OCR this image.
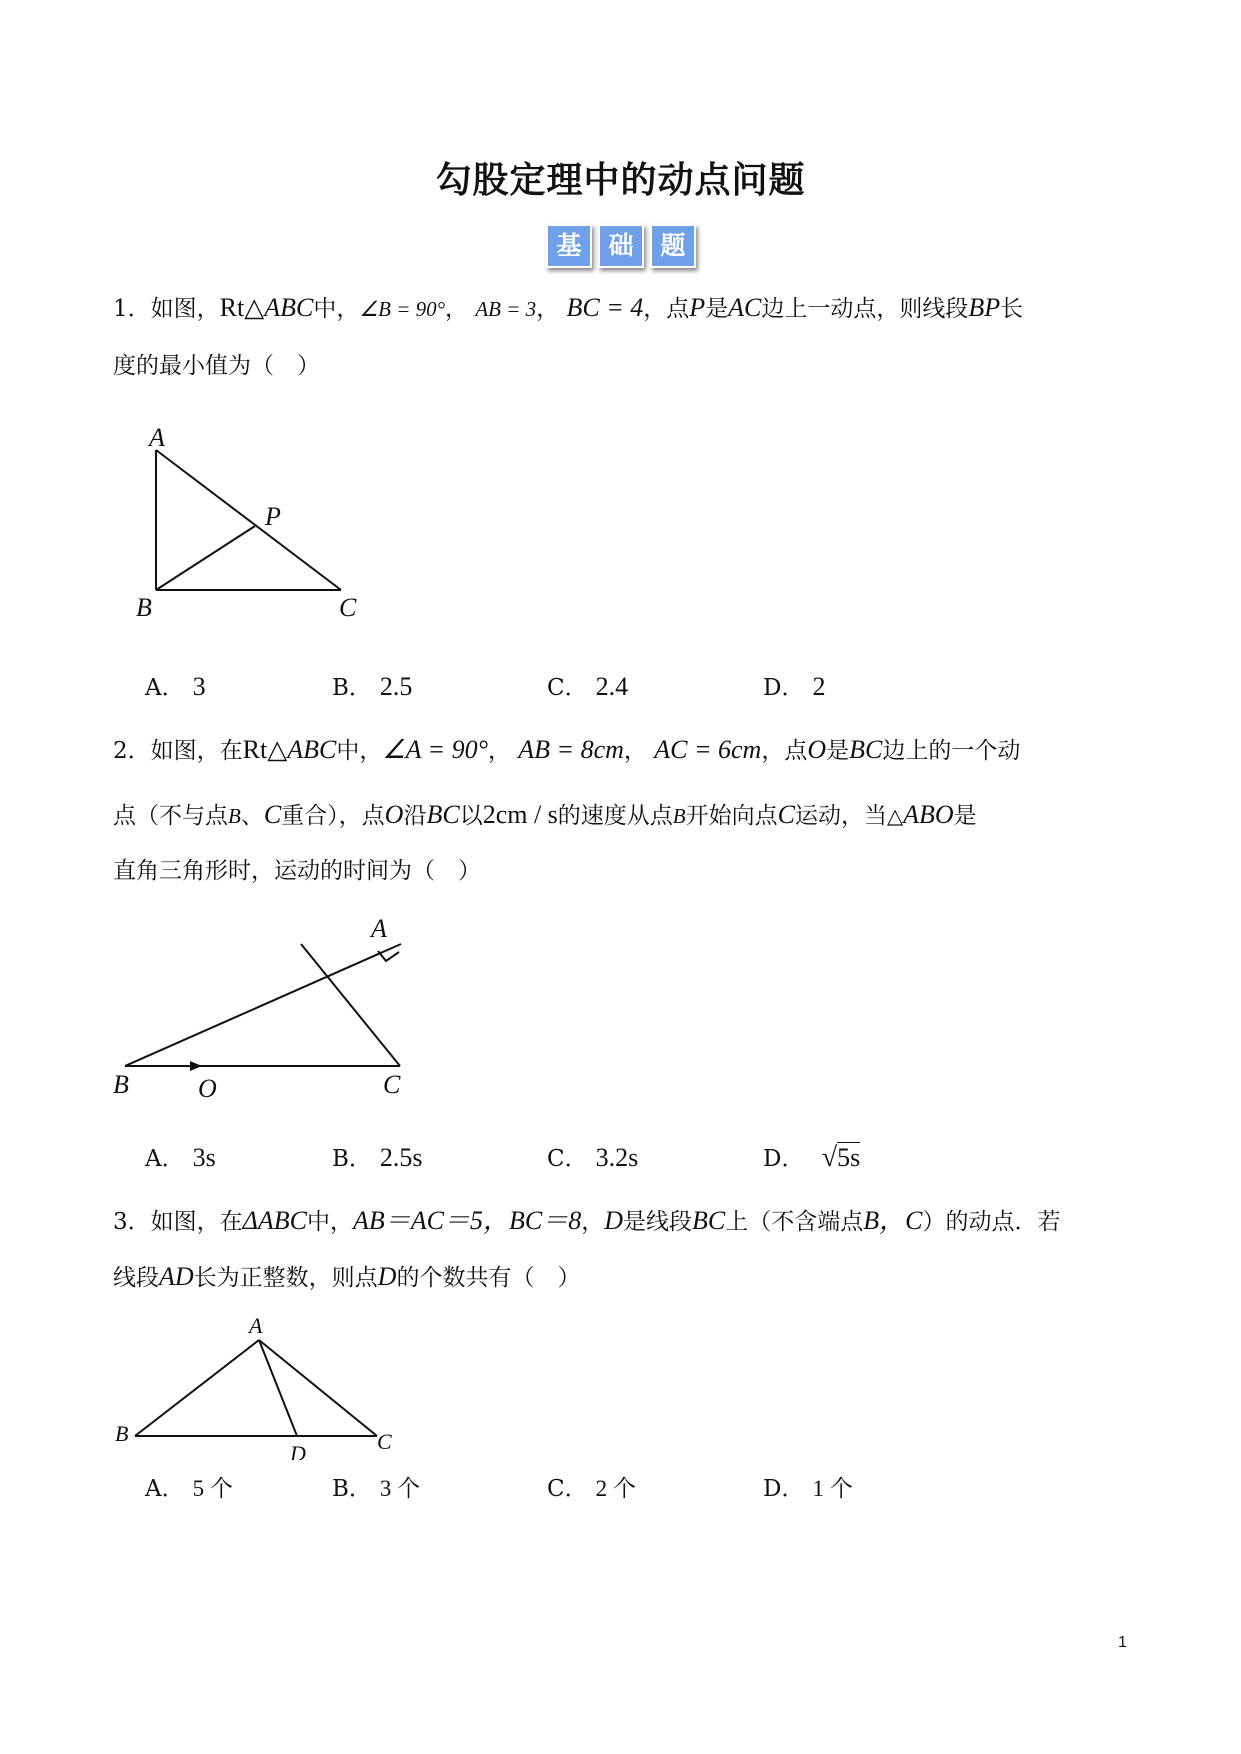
勾股定理中的动点问题
基	础	题
1．如图，Rt△ABC中，∠B = 90°， AB = 3， BC = 4，点P是AC边上一动点，则线段BP长
度的最小值为（　）
A
P
B	C
A． 3	B． 2.5	C． 2.4	D． 2
2．如图，在Rt△ABC中，∠A = 90°， AB = 8cm， AC = 6cm，点O是BC边上的一个动
点（不与点B、C重合），点O沿BC以2cm / s的速度从点B开始向点C运动，当△ABO是
直角三角形时，运动的时间为（　）
A
B	O	C
A． 3s	B． 2.5s	C． 3.2s	D． √5s
3．如图，在ΔABC中，AB＝AC＝5，BC＝8，D是线段BC上（不含端点B，C）的动点．若
线段AD长为正整数，则点D的个数共有（　）
A
B
D	C
A． 5 个	B． 3 个	C． 2 个	D． 1 个
1
